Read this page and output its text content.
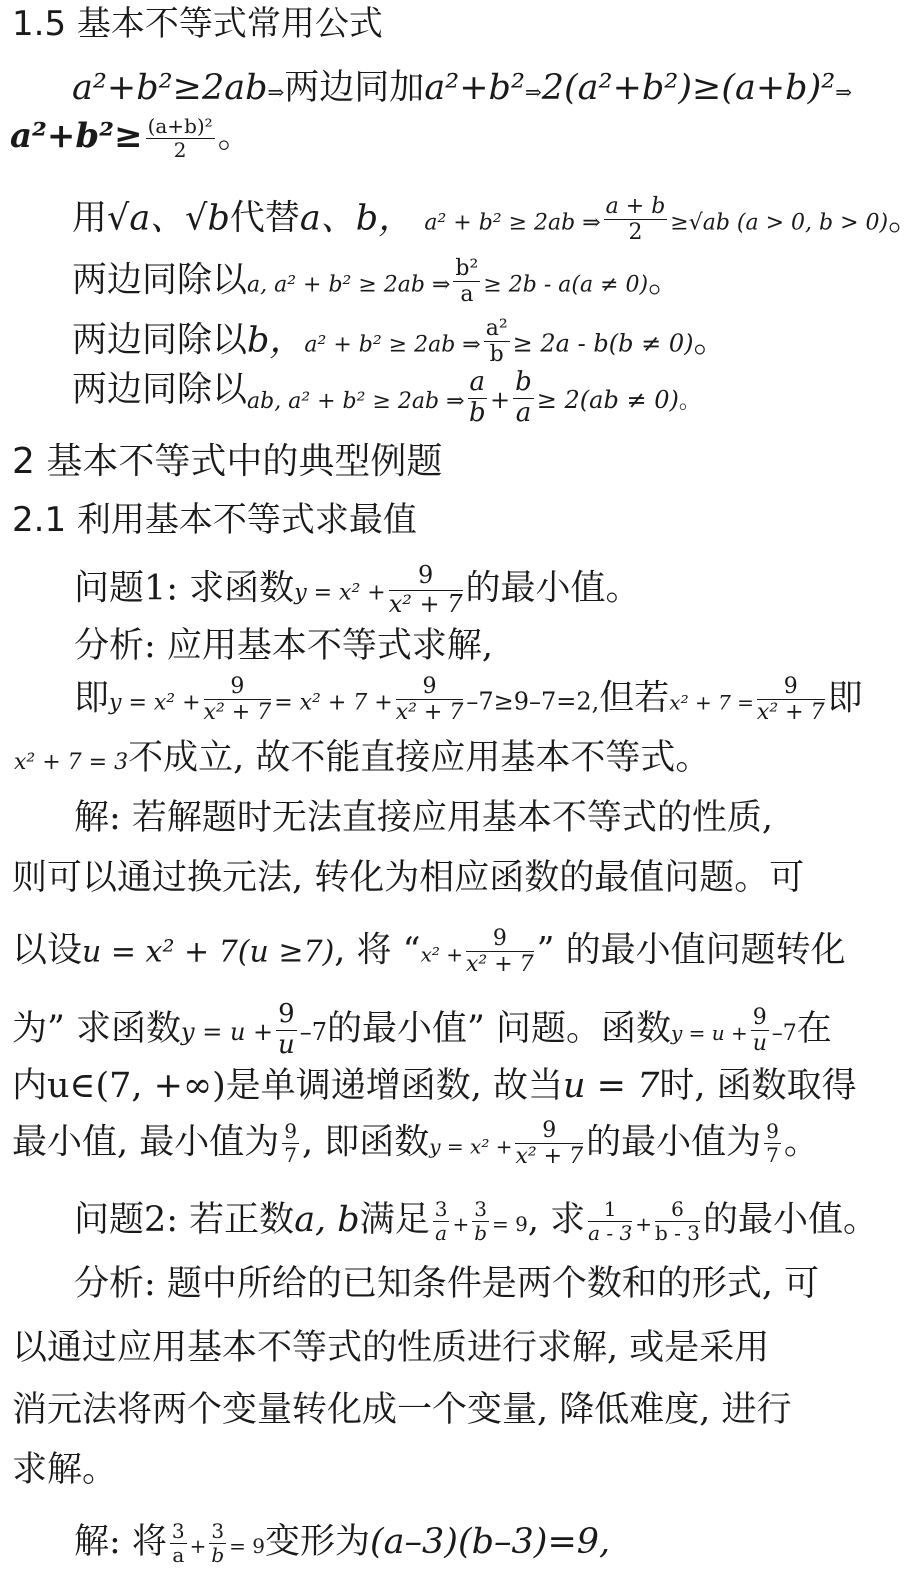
1.5 基本不等式常用公式
a²+b²≥2ab⇒两边同加a²+b²⇒2(a²+b²)≥(a+b)²⇒
$a^2+b^2\ge \frac{\text{(a+b)²}}{2}$ 。
用√a、√b代替a、b， a² + b² ≥ 2ab ⇒ $\frac{a + b}{2} \ge√ab$ (a > 0, b > 0)。
两边同除以a, a² + b² ≥ 2ab ⇒ $\frac{\text{b²}}{a} \ge 2b - a(a \ne 0)$。
两边同除以b，a² + b² ≥ 2ab ⇒ $\frac{\text{a²}}{b} \ge 2a - b(b \ne 0)$。
两边同除以ab, a² + b² ≥ 2ab ⇒ $\frac{a}{b} + \frac{b}{a} \ge 2(ab \ne 0)$。
2 基本不等式中的典型例题
2.1 利用基本不等式求最值
问题1: 求函数$y = x^2 + \frac{9}{\text{x² + 7}}$ 的最小值。
分析: 应用基本不等式求解,
即$y = x^2 + \frac{9}{\text{x² + 7}} = x^2 + 7 + \frac{9}{\text{x² + 7}} -7\ge 9-7=2$,但若$x^2 + 7 = \frac{9}{\text{x² + 7}}$ 即
x² + 7 = 3不成立, 故不能直接应用基本不等式。
解: 若解题时无法直接应用基本不等式的性质,
则可以通过换元法, 转化为相应函数的最值问题。可
以设u = x² + 7(u ≥7), 将 “$x^2 + \frac{9}{\text{x² + 7}}$ ” 的最小值问题转化
为” 求函数$y = u + \frac{9}{u} -7$的最小值” 问题。函数$y = u + \frac{9}{u} -7$在
内u∈(7, +∞)是单调递增函数, 故当u = 7时, 函数取得
最小值, 最小值为 $\frac{9}{7}$ , 即函数$y = x^2 + \frac{9}{\text{x² + 7}}$ 的最小值为 $\frac{9}{7}$ 。
问题2: 若正数a, b满足 $\frac{3}{a} + \frac{3}{b} = 9$, 求 $\frac{1}{a - 3} + \frac{6}{b - 3}$ 的最小值。
分析: 题中所给的已知条件是两个数和的形式, 可
以通过应用基本不等式的性质进行求解, 或是采用
消元法将两个变量转化成一个变量, 降低难度, 进行
求解。
解: 将 $\frac{3}{a} + \frac{3}{b} = 9$变形为(a–3)(b–3)=9,
